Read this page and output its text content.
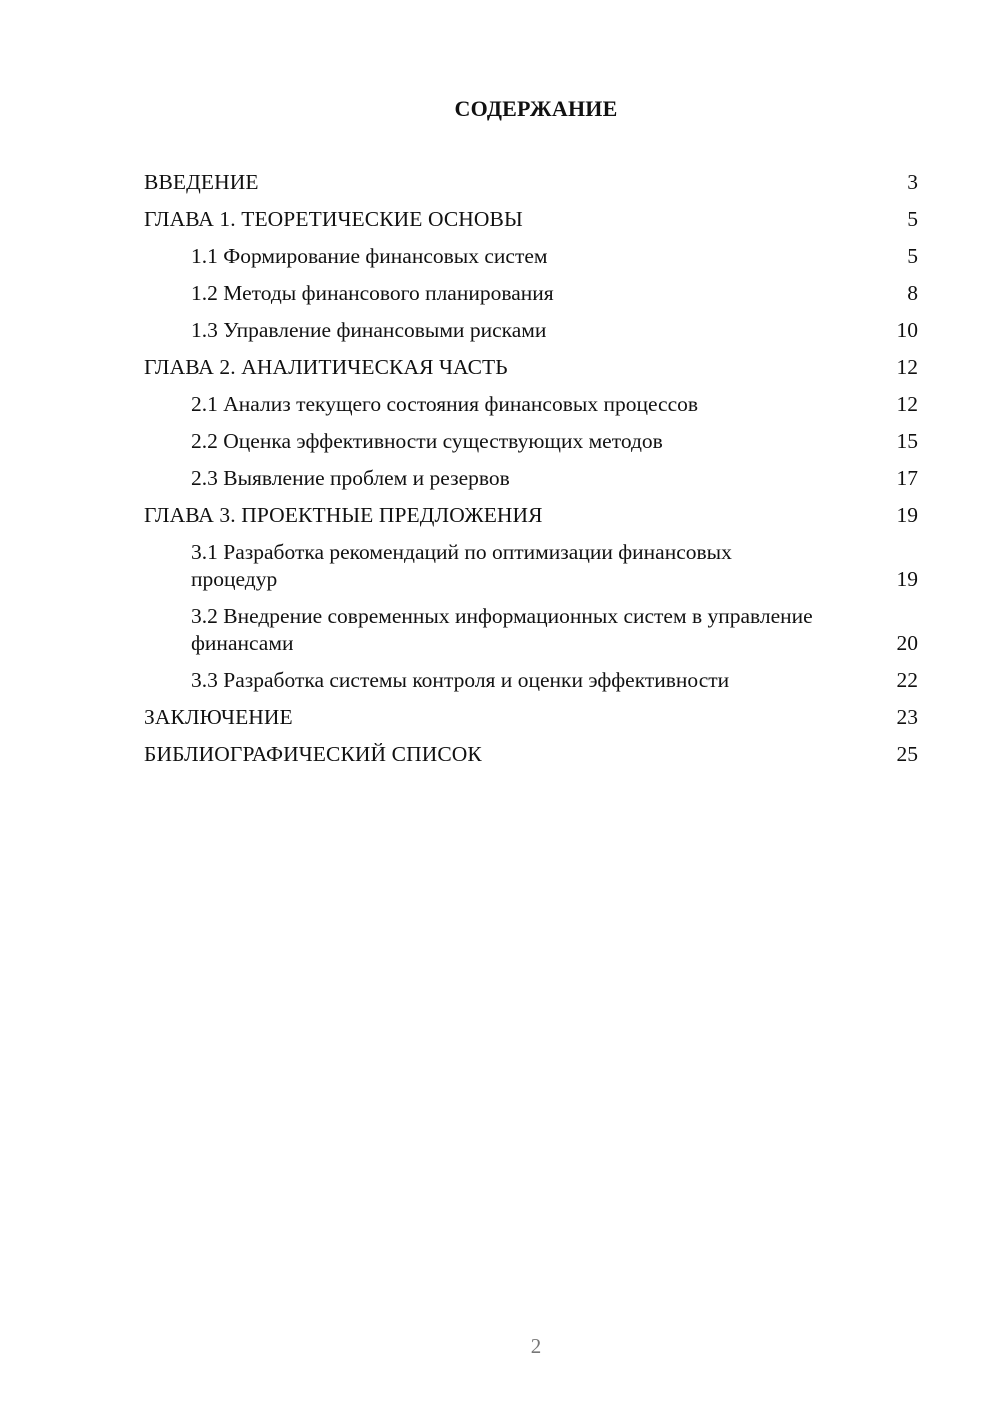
СОДЕРЖАНИЕ
ВВЕДЕНИЕ	3
ГЛАВА 1. ТЕОРЕТИЧЕСКИЕ ОСНОВЫ	5
1.1 Формирование финансовых систем	5
1.2 Методы финансового планирования	8
1.3 Управление финансовыми рисками	10
ГЛАВА 2. АНАЛИТИЧЕСКАЯ ЧАСТЬ	12
2.1 Анализ текущего состояния финансовых процессов	12
2.2 Оценка эффективности существующих методов	15
2.3 Выявление проблем и резервов	17
ГЛАВА 3. ПРОЕКТНЫЕ ПРЕДЛОЖЕНИЯ	19
3.1 Разработка рекомендаций по оптимизации финансовых процедур	19
3.2 Внедрение современных информационных систем в управление финансами	20
3.3 Разработка системы контроля и оценки эффективности	22
ЗАКЛЮЧЕНИЕ	23
БИБЛИОГРАФИЧЕСКИЙ СПИСОК	25
2
